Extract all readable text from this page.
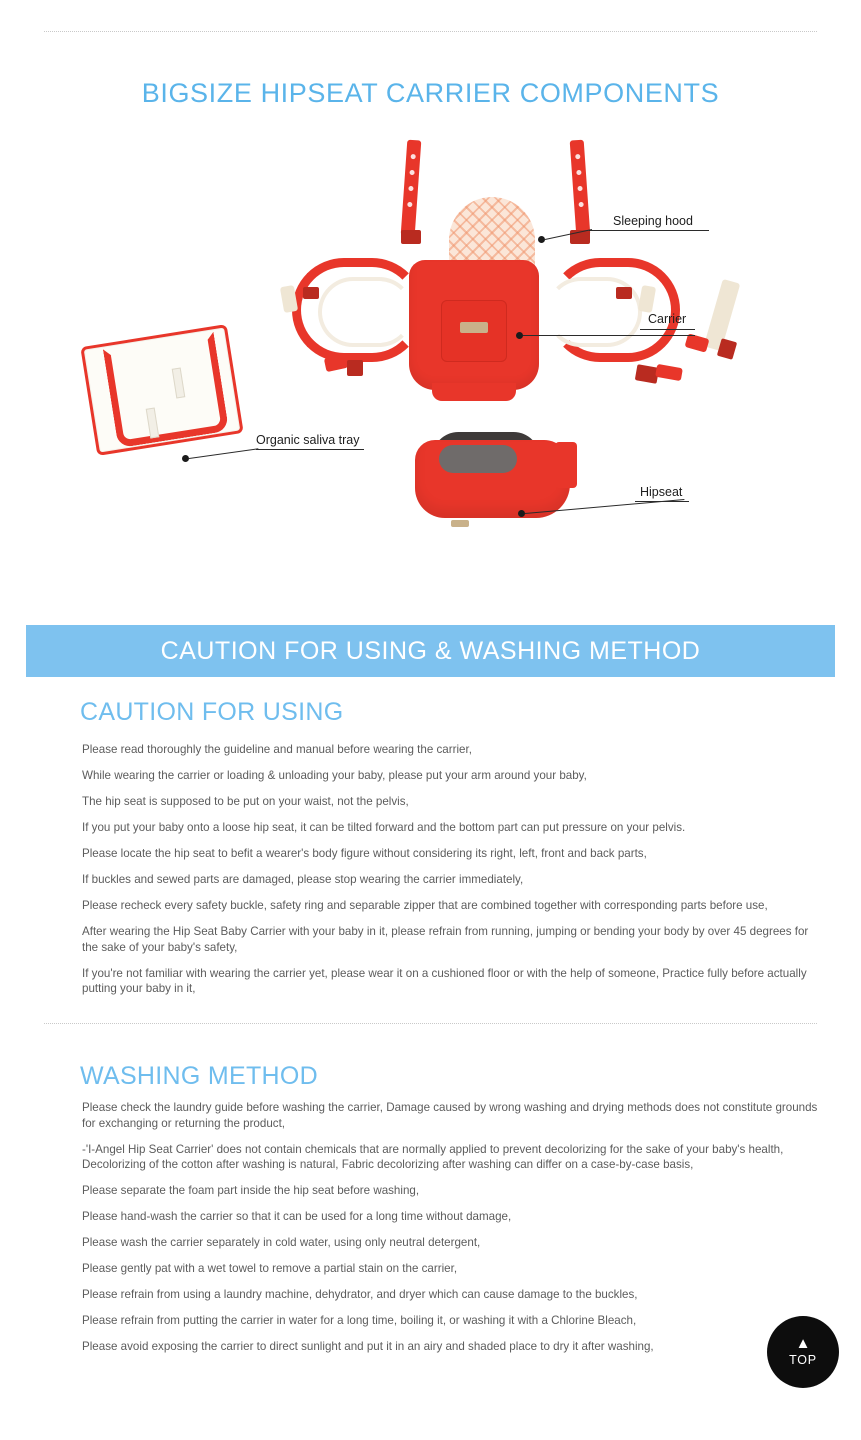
BIGSIZE HIPSEAT CARRIER COMPONENTS
Sleeping hood
Carrier
Organic saliva tray
Hipseat
CAUTION FOR USING & WASHING METHOD
CAUTION FOR USING
Please read thoroughly the guideline and manual before wearing the carrier,
While wearing the carrier or loading & unloading your baby, please put your arm around your baby,
The hip seat is supposed to be put on your waist, not the pelvis,
If you put your baby onto a loose hip seat, it can be tilted forward and the bottom part can put pressure on your pelvis.
Please locate the hip seat to befit a wearer's body figure without considering its right, left, front and back parts,
If buckles and sewed parts are damaged, please stop wearing the carrier immediately,
Please recheck every safety buckle, safety ring and separable zipper that are combined together with corresponding parts before use,
After wearing the Hip Seat Baby Carrier with your baby in it, please refrain from running, jumping or bending your body by over 45 degrees for the sake of your baby's safety,
If you're not familiar with wearing the carrier yet, please wear it on a cushioned floor or with the help of someone, Practice fully before actually putting your baby in it,
WASHING METHOD
Please check the laundry guide before washing the carrier, Damage caused by wrong washing and drying methods does not constitute grounds for exchanging or returning the product,
-'I-Angel Hip Seat Carrier' does not contain chemicals that are normally applied to prevent decolorizing for the sake of your baby's health, Decolorizing of the cotton after washing is natural, Fabric decolorizing after washing can differ on a case-by-case basis,
Please separate the foam part inside the hip seat before washing,
Please hand-wash the carrier so that it can be used for a long time without damage,
Please wash the carrier separately in cold water, using only neutral detergent,
Please gently pat with a wet towel to remove a partial stain on the carrier,
Please refrain from using a laundry machine, dehydrator, and dryer which can cause damage to the buckles,
Please refrain from putting the carrier in water for a long time, boiling it, or washing it with a Chlorine Bleach,
Please avoid exposing the carrier to direct sunlight and put it in an airy and shaded place to dry it after washing,	▲
TOP
